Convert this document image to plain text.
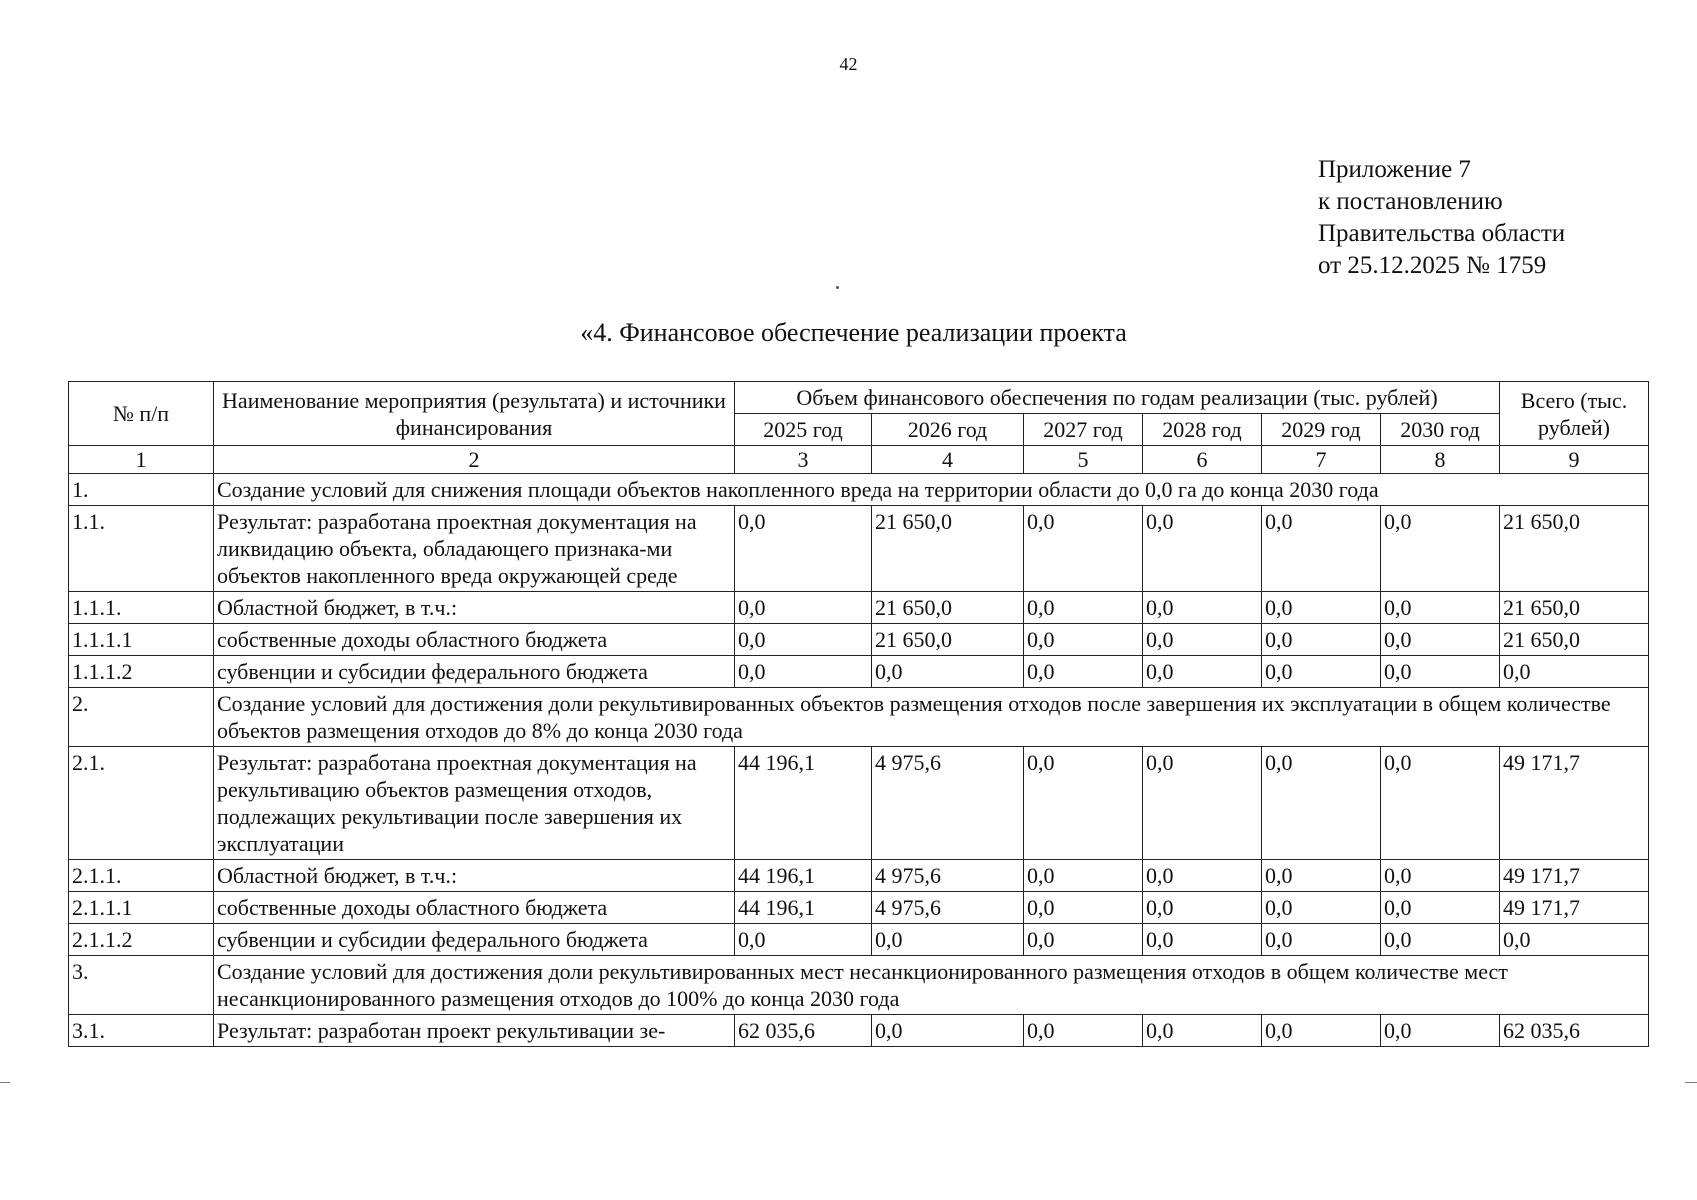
42
Приложение 7
к постановлению
Правительства области
от 25.12.2025 № 1759
«4. Финансовое обеспечение реализации проекта
№ п/п	Наименование мероприятия (результата) и источники финансирования	Объем финансового обеспечения по годам реализации (тыс. рублей)						Всего (тыс. рублей)
		2025 год	2026 год	2027 год	2028 год	2029 год	2030 год	
1	2	3	4	5	6	7	8	9
1.	Создание условий для снижения площади объектов накопленного вреда на территории области до 0,0 га до конца 2030 года							
1.1.	Результат: разработана проектная документация на ликвидацию объекта, обладающего признака-ми объектов накопленного вреда окружающей среде	0,0	21 650,0	0,0	0,0	0,0	0,0	21 650,0
1.1.1.	Областной бюджет, в т.ч.:	0,0	21 650,0	0,0	0,0	0,0	0,0	21 650,0
1.1.1.1	собственные доходы областного бюджета	0,0	21 650,0	0,0	0,0	0,0	0,0	21 650,0
1.1.1.2	субвенции и субсидии федерального бюджета	0,0	0,0	0,0	0,0	0,0	0,0	0,0
2.	Создание условий для достижения доли рекультивированных объектов размещения отходов после завершения их эксплуатации в общем количестве объектов размещения отходов до 8% до конца 2030 года							
2.1.	Результат: разработана проектная документация на рекультивацию объектов размещения отходов, подлежащих рекультивации после завершения их эксплуатации	44 196,1	4 975,6	0,0	0,0	0,0	0,0	49 171,7
2.1.1.	Областной бюджет, в т.ч.:	44 196,1	4 975,6	0,0	0,0	0,0	0,0	49 171,7
2.1.1.1	собственные доходы областного бюджета	44 196,1	4 975,6	0,0	0,0	0,0	0,0	49 171,7
2.1.1.2	субвенции и субсидии федерального бюджета	0,0	0,0	0,0	0,0	0,0	0,0	0,0
3.	Создание условий для достижения доли рекультивированных мест несанкционированного размещения отходов в общем количестве мест несанкционированного размещения отходов до 100% до конца 2030 года							
3.1.	Результат: разработан проект рекультивации зе-	62 035,6	0,0	0,0	0,0	0,0	0,0	62 035,6
